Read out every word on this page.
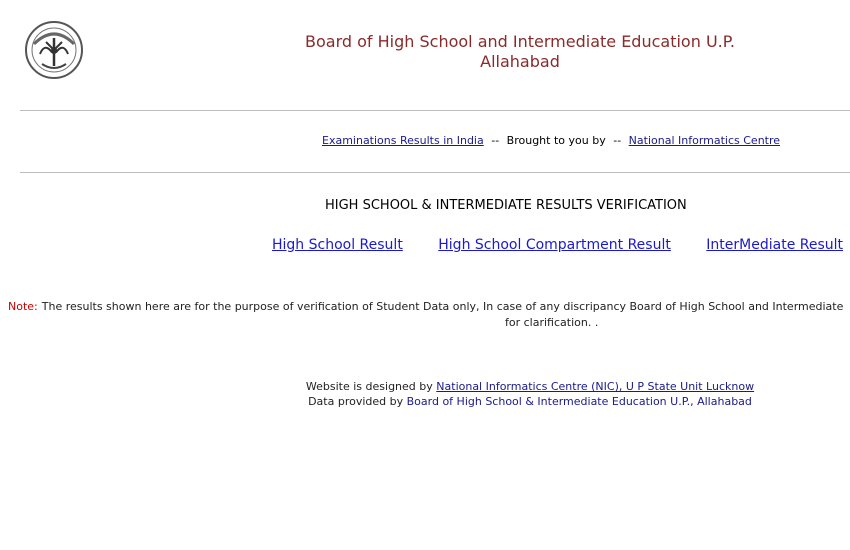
Board of High School and Intermediate Education U.P.
Allahabad
Examinations Results in India -- Brought to you by -- National Informatics Centre
HIGH SCHOOL & INTERMEDIATE RESULTS VERIFICATION
High School Result	High School Compartment Result	InterMediate Result
Note: The results shown here are for the purpose of verification of Student Data only, In case of any discripancy Board of High School and Intermediate
for clarification. .
Website is designed by National Informatics Centre (NIC), U P State Unit Lucknow
Data provided by Board of High School & Intermediate Education U.P., Allahabad
